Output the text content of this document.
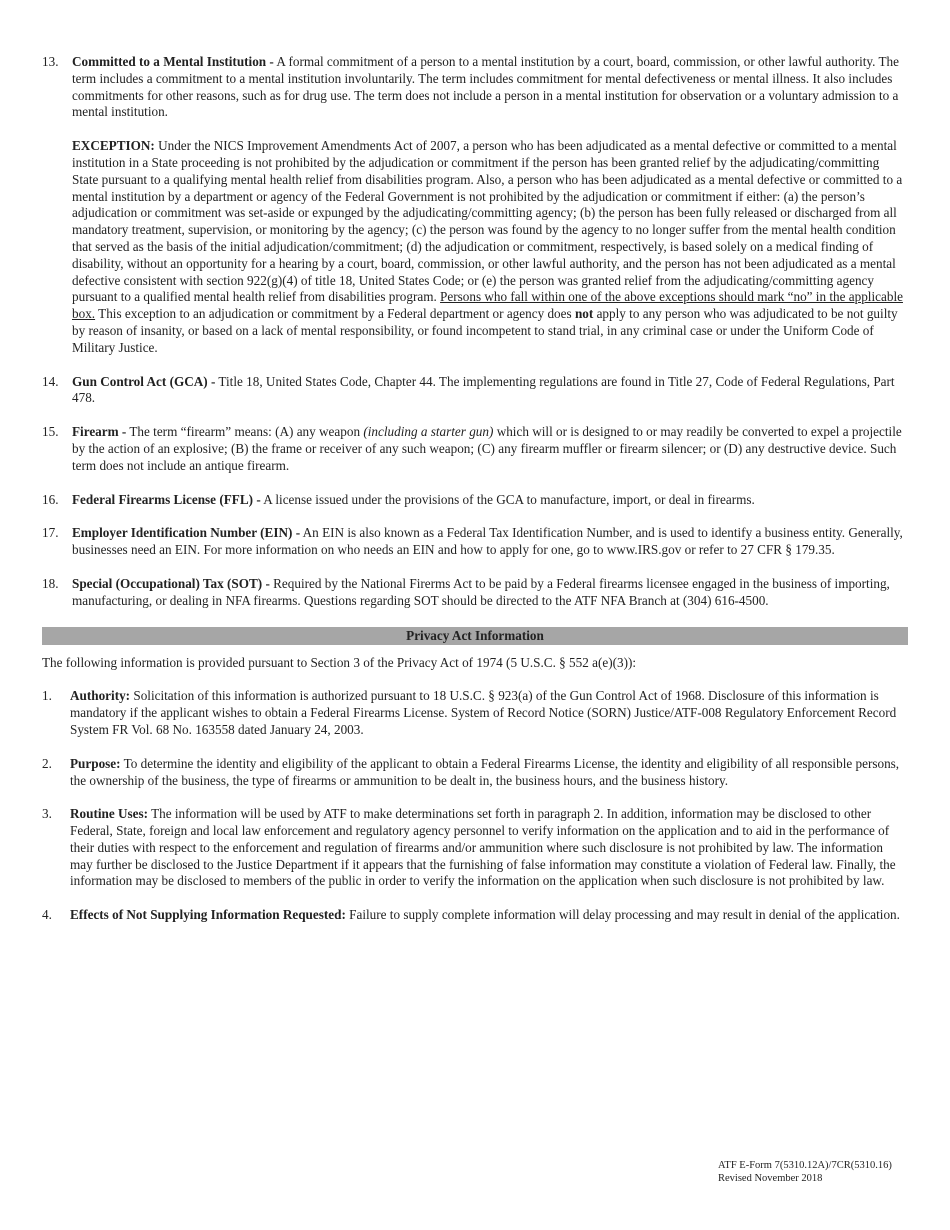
13.	Committed to a Mental Institution - A formal commitment of a person to a mental institution by a court, board, commission, or other lawful authority. The term includes a commitment to a mental institution involuntarily. The term includes commitment for mental defectiveness or mental illness. It also includes commitments for other reasons, such as for drug use. The term does not include a person in a mental institution for observation or a voluntary admission to a mental institution.

EXCEPTION: Under the NICS Improvement Amendments Act of 2007, a person who has been adjudicated as a mental defective or committed to a mental institution in a State proceeding is not prohibited by the adjudication or commitment if the person has been granted relief by the adjudicating/committing State pursuant to a qualifying mental health relief from disabilities program. Also, a person who has been adjudicated as a mental defective or committed to a mental institution by a department or agency of the Federal Government is not prohibited by the adjudication or commitment if either: (a) the person’s adjudication or commitment was set-aside or expunged by the adjudicating/committing agency; (b) the person has been fully released or discharged from all mandatory treatment, supervision, or monitoring by the agency; (c) the person was found by the agency to no longer suffer from the mental health condition that served as the basis of the initial adjudication/commitment; (d) the adjudication or commitment, respectively, is based solely on a medical finding of disability, without an opportunity for a hearing by a court, board, commission, or other lawful authority, and the person has not been adjudicated as a mental defective consistent with section 922(g)(4) of title 18, United States Code; or (e) the person was granted relief from the adjudicating/committing agency pursuant to a qualified mental health relief from disabilities program. Persons who fall within one of the above exceptions should mark “no” in the applicable box. This exception to an adjudication or commitment by a Federal department or agency does not apply to any person who was adjudicated to be not guilty by reason of insanity, or based on a lack of mental responsibility, or found incompetent to stand trial, in any criminal case or under the Uniform Code of Military Justice.

14.	Gun Control Act (GCA) - Title 18, United States Code, Chapter 44. The implementing regulations are found in Title 27, Code of Federal Regulations, Part 478.

15.	Firearm - The term “firearm” means: (A) any weapon (including a starter gun) which will or is designed to or may readily be converted to expel a projectile by the action of an explosive; (B) the frame or receiver of any such weapon; (C) any firearm muffler or firearm silencer; or (D) any destructive device. Such term does not include an antique firearm.

16.	Federal Firearms License (FFL) - A license issued under the provisions of the GCA to manufacture, import, or deal in firearms.

17.	Employer Identification Number (EIN) - An EIN is also known as a Federal Tax Identification Number, and is used to identify a business entity. Generally, businesses need an EIN. For more information on who needs an EIN and how to apply for one, go to www.IRS.gov or refer to 27 CFR § 179.35.

18.	Special (Occupational) Tax (SOT) - Required by the National Firerms Act to be paid by a Federal firearms licensee engaged in the business of importing, manufacturing, or dealing in NFA firearms. Questions regarding SOT should be directed to the ATF NFA Branch at (304) 616-4500.

Privacy Act Information

The following information is provided pursuant to Section 3 of the Privacy Act of 1974 (5 U.S.C. § 552 a(e)(3)):

1.	Authority: Solicitation of this information is authorized pursuant to 18 U.S.C. § 923(a) of the Gun Control Act of 1968. Disclosure of this information is mandatory if the applicant wishes to obtain a Federal Firearms License. System of Record Notice (SORN) Justice/ATF-008 Regulatory Enforcement Record System FR Vol. 68 No. 163558 dated January 24, 2003.

2.	Purpose: To determine the identity and eligibility of the applicant to obtain a Federal Firearms License, the identity and eligibility of all responsible persons, the ownership of the business, the type of firearms or ammunition to be dealt in, the business hours, and the business history.

3.	Routine Uses: The information will be used by ATF to make determinations set forth in paragraph 2. In addition, information may be disclosed to other Federal, State, foreign and local law enforcement and regulatory agency personnel to verify information on the application and to aid in the performance of their duties with respect to the enforcement and regulation of firearms and/or ammunition where such disclosure is not prohibited by law. The information may further be disclosed to the Justice Department if it appears that the furnishing of false information may constitute a violation of Federal law. Finally, the information may be disclosed to members of the public in order to verify the information on the application when such disclosure is not prohibited by law.

4.	Effects of Not Supplying Information Requested: Failure to supply complete information will delay processing and may result in denial of the application.

ATF E-Form 7(5310.12A)/7CR(5310.16)
Revised November 2018
